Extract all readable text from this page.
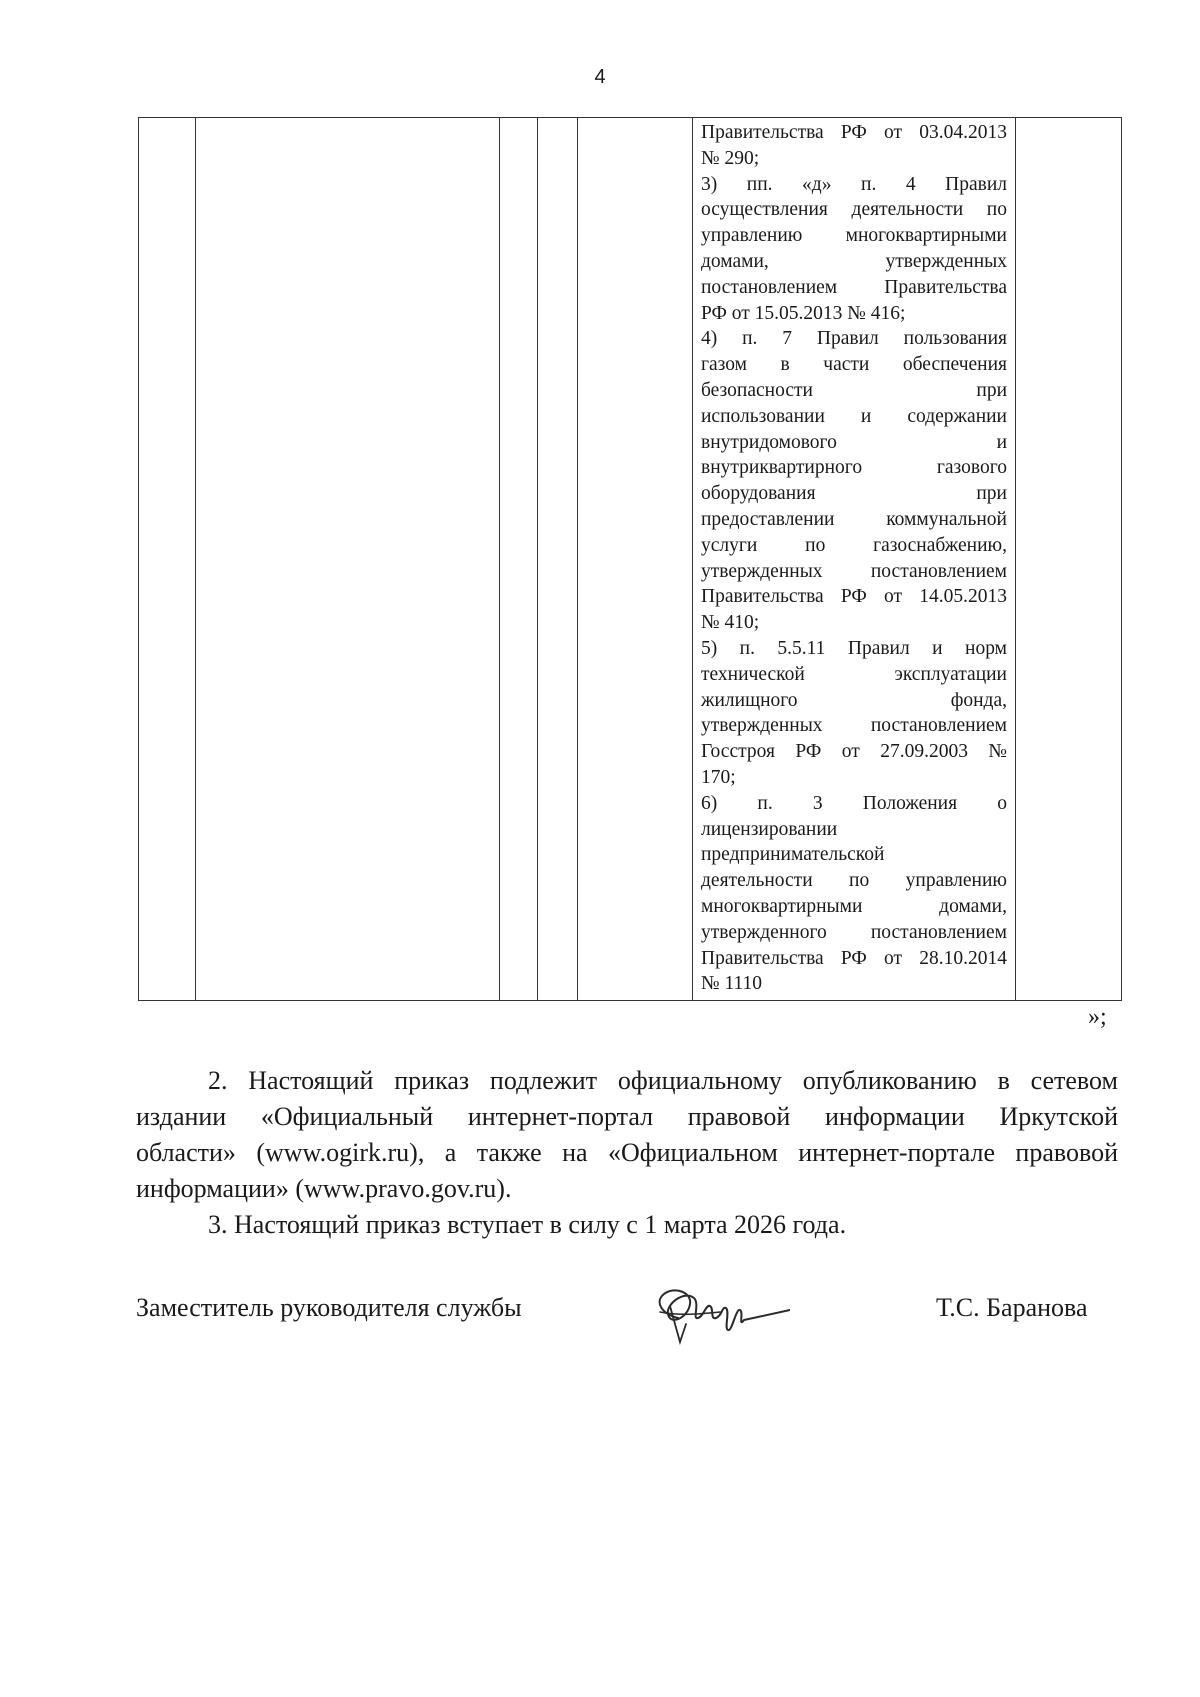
4
Правительства РФ от 03.04.2013
№ 290;
3) пп. «д» п. 4 Правил
осуществления деятельности по
управлению многоквартирными
домами, утвержденных
постановлением Правительства
РФ от 15.05.2013 № 416;
4) п. 7 Правил пользования
газом в части обеспечения
безопасности при
использовании и содержании
внутридомового и
внутриквартирного газового
оборудования при
предоставлении коммунальной
услуги по газоснабжению,
утвержденных постановлением
Правительства РФ от 14.05.2013
№ 410;
5) п. 5.5.11 Правил и норм
технической эксплуатации
жилищного фонда,
утвержденных постановлением
Госстроя РФ от 27.09.2003 №
170;
6) п. 3 Положения о
лицензировании
предпринимательской
деятельности по управлению
многоквартирными домами,
утвержденного постановлением
Правительства РФ от 28.10.2014
№ 1110
»;
2. Настоящий приказ подлежит официальному опубликованию в сетевом
издании «Официальный интернет-портал правовой информации Иркутской
области» (www.ogirk.ru), а также на «Официальном интернет-портале правовой
информации» (www.pravo.gov.ru).
3. Настоящий приказ вступает в силу с 1 марта 2026 года.
Заместитель руководителя службы	Т.С. Баранова
